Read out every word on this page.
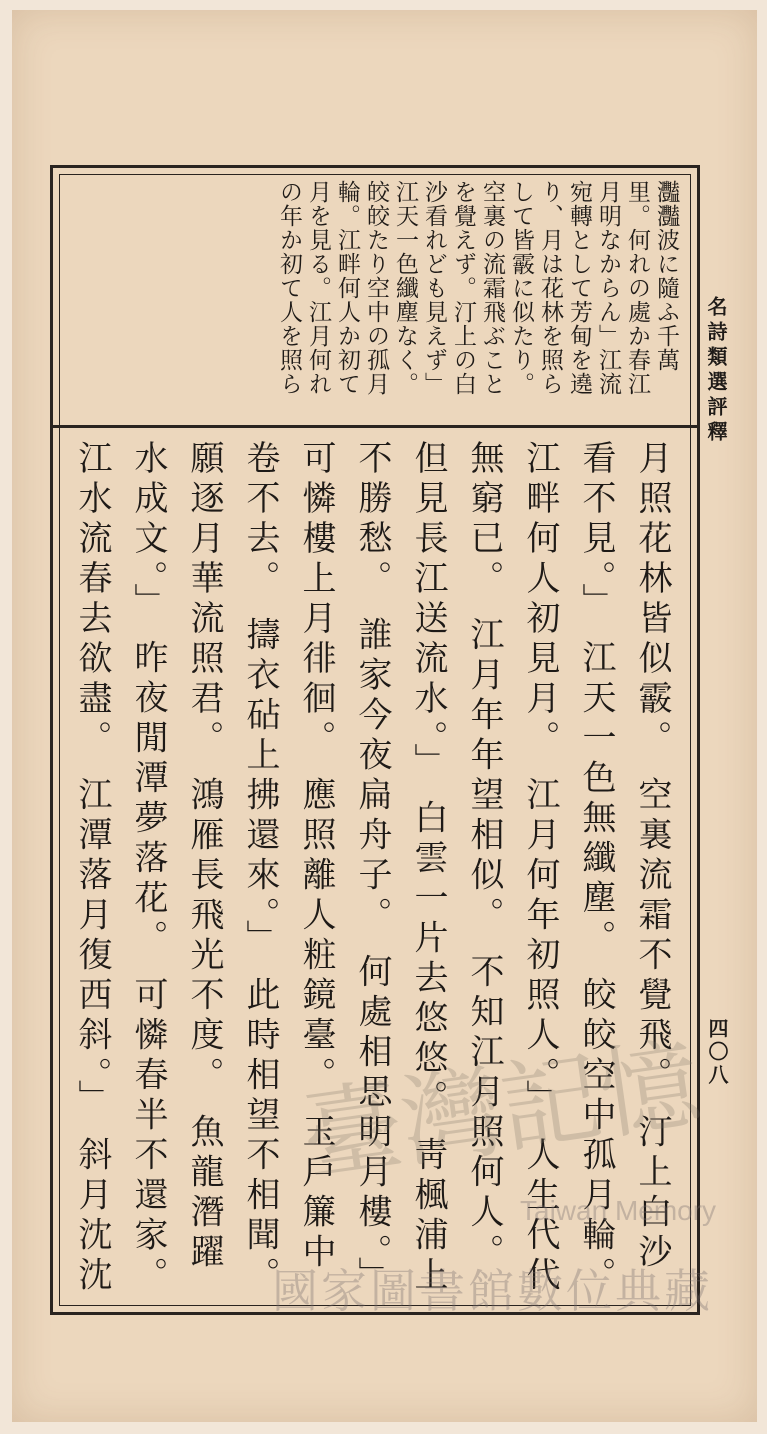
名詩類選評釋
四〇八
灩灩波に隨ふ千萬
里。何れの處か春江
月明なからん」江流
宛轉として芳甸を遶
り、月は花林を照ら
して皆霰に似たり。
空裏の流霜飛ぶこと
を覺えず。汀上の白
沙看れども見えず」
江天一色纖塵なく。
皎皎たり空中の孤月
輪。江畔何人か初て
月を見る。江月何れ
の年か初て人を照ら
月照花林皆似霰。 空裏流霜不覺飛。 汀上白沙
看不見。」 江天一色無纖塵。 皎皎空中孤月輪。
江畔何人初見月。 江月何年初照人。」 人生代代
無窮已。 江月年年望相似。 不知江月照何人。
但見長江送流水。」 白雲一片去悠悠。 靑楓浦上
不勝愁。 誰家今夜扁舟子。 何處相思明月樓。」
可憐樓上月徘徊。 應照離人粧鏡臺。 玉戶簾中
卷不去。 擣衣砧上拂還來。」 此時相望不相聞。
願逐月華流照君。 鴻雁長飛光不度。 魚龍潛躍
水成文。」 昨夜閒潭夢落花。 可憐春半不還家。
江水流春去欲盡。 江潭落月復西斜。」 斜月沈沈 臺灣記憶
Taiwan Memory
國家圖書館數位典藏
